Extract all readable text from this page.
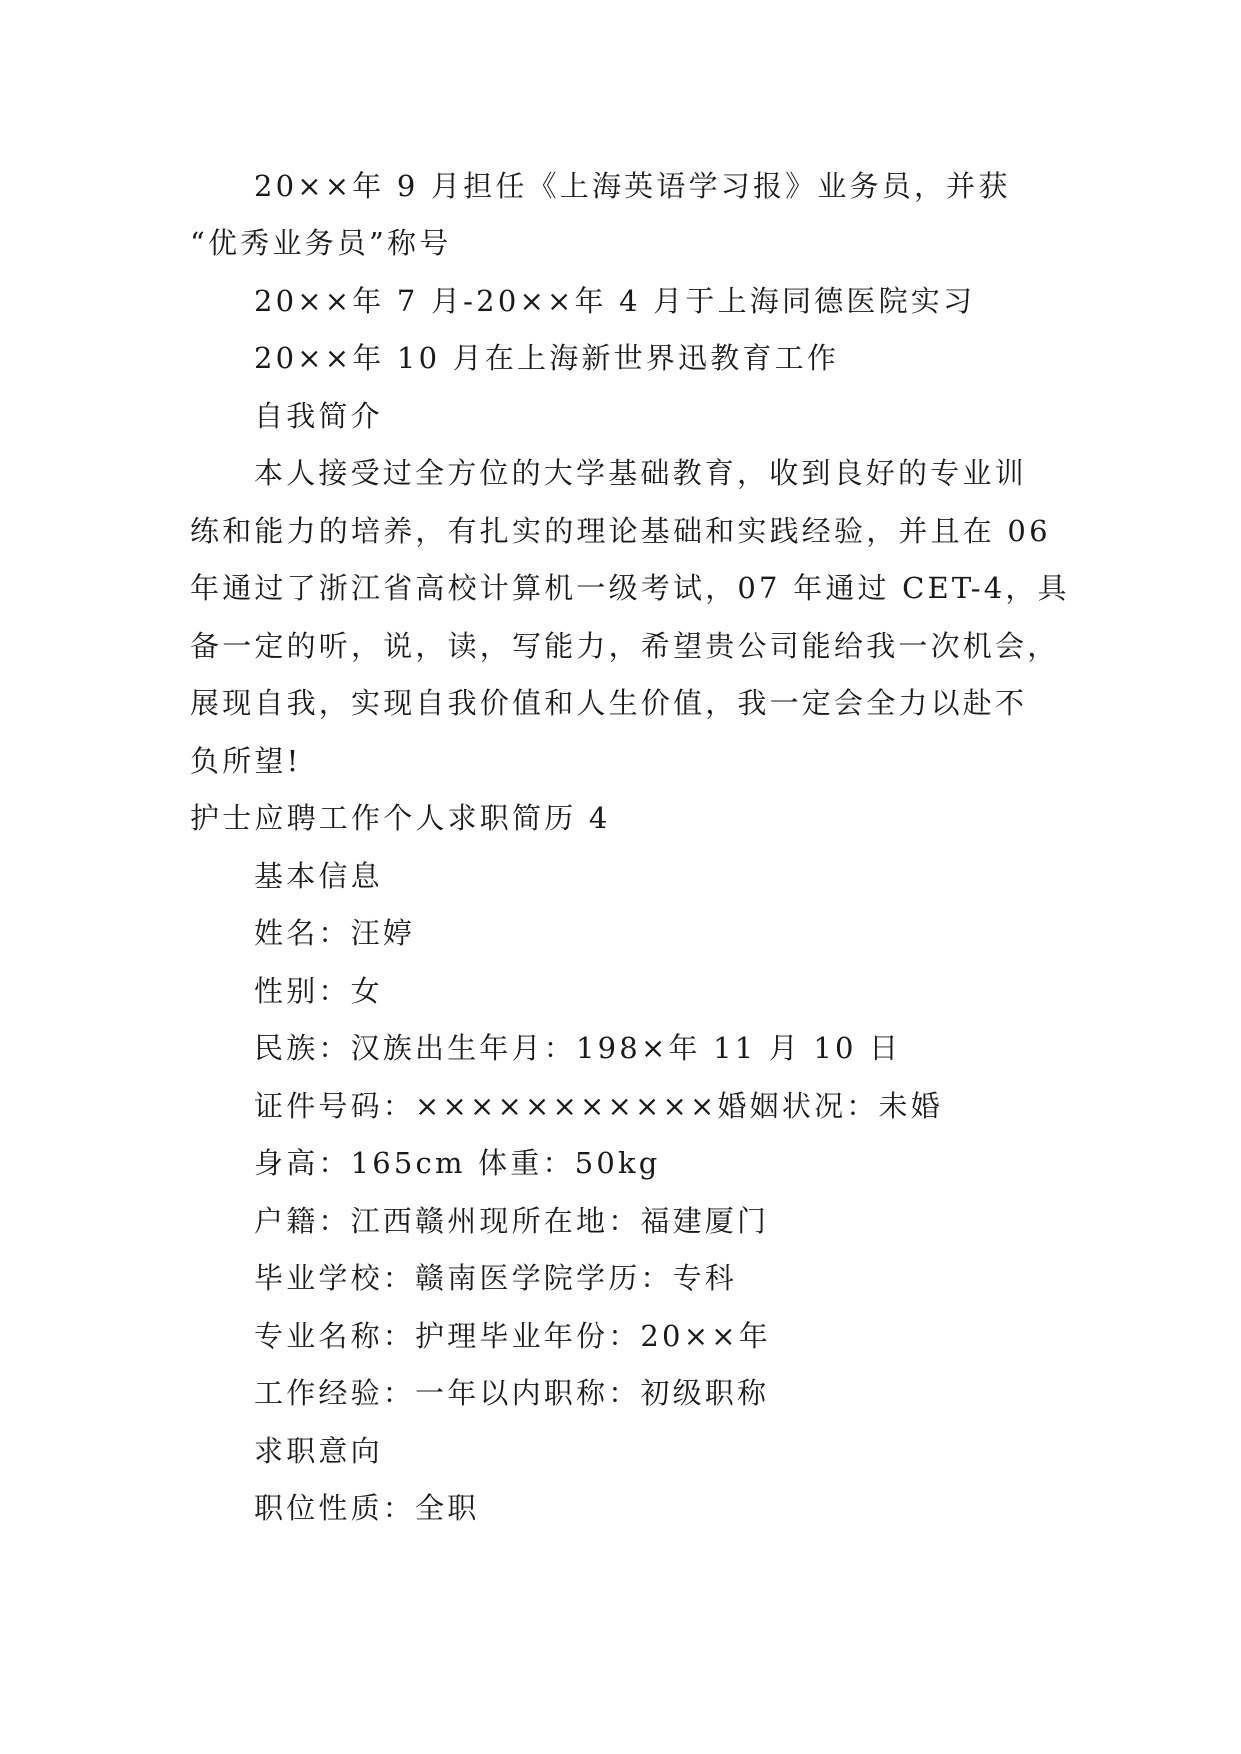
20××年 9 月担任《上海英语学习报》业务员，并获
“优秀业务员”称号
20××年 7 月-20××年 4 月于上海同德医院实习
20××年 10 月在上海新世界迅教育工作
自我简介
本人接受过全方位的大学基础教育，收到良好的专业训
练和能力的培养，有扎实的理论基础和实践经验，并且在 06
年通过了浙江省高校计算机一级考试，07 年通过 CET-4，具
备一定的听，说，读，写能力，希望贵公司能给我一次机会，
展现自我，实现自我价值和人生价值，我一定会全力以赴不
负所望!
护士应聘工作个人求职简历 4
基本信息
姓名：汪婷
性别：女
民族：汉族出生年月：198×年 11 月 10 日
证件号码：×××××××××××婚姻状况：未婚
身高：165cm 体重：50kg
户籍：江西赣州现所在地：福建厦门
毕业学校：赣南医学院学历：专科
专业名称：护理毕业年份：20××年
工作经验：一年以内职称：初级职称
求职意向
职位性质：全职
